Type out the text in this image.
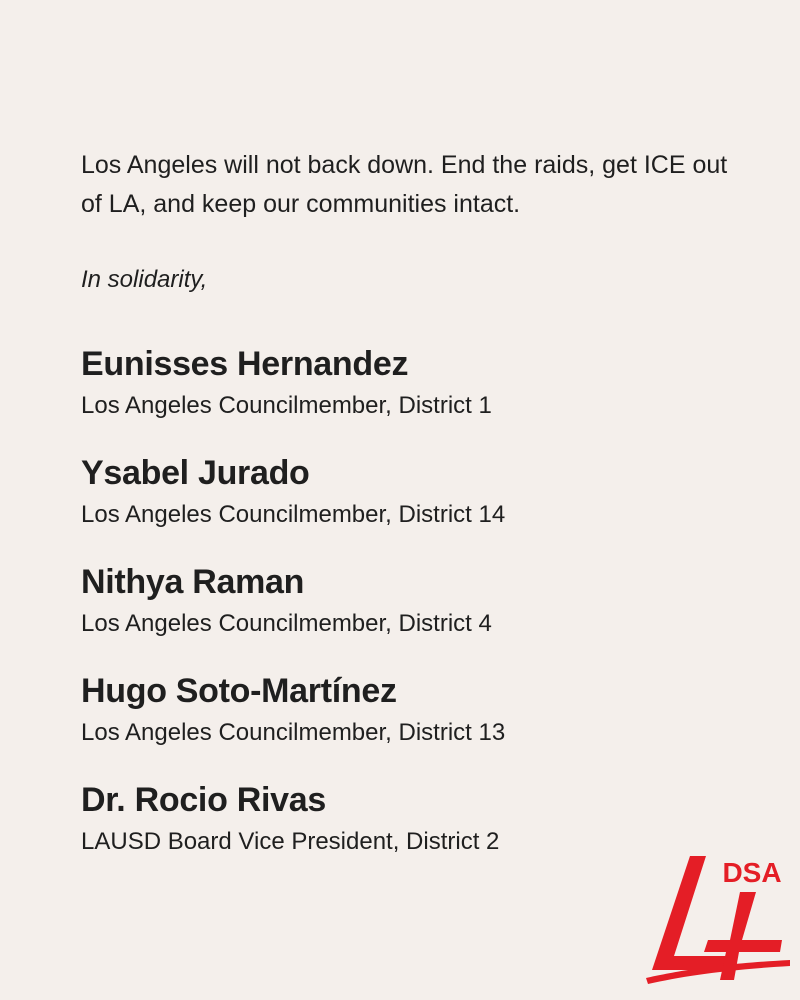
Los Angeles will not back down. End the raids, get ICE out of LA, and keep our communities intact.

In solidarity,

Eunisses Hernandez
Los Angeles Councilmember, District 1
Ysabel Jurado
Los Angeles Councilmember, District 14
Nithya Raman
Los Angeles Councilmember, District 4
Hugo Soto-Martínez
Los Angeles Councilmember, District 13
Dr. Rocio Rivas
LAUSD Board Vice President, District 2
DSA
